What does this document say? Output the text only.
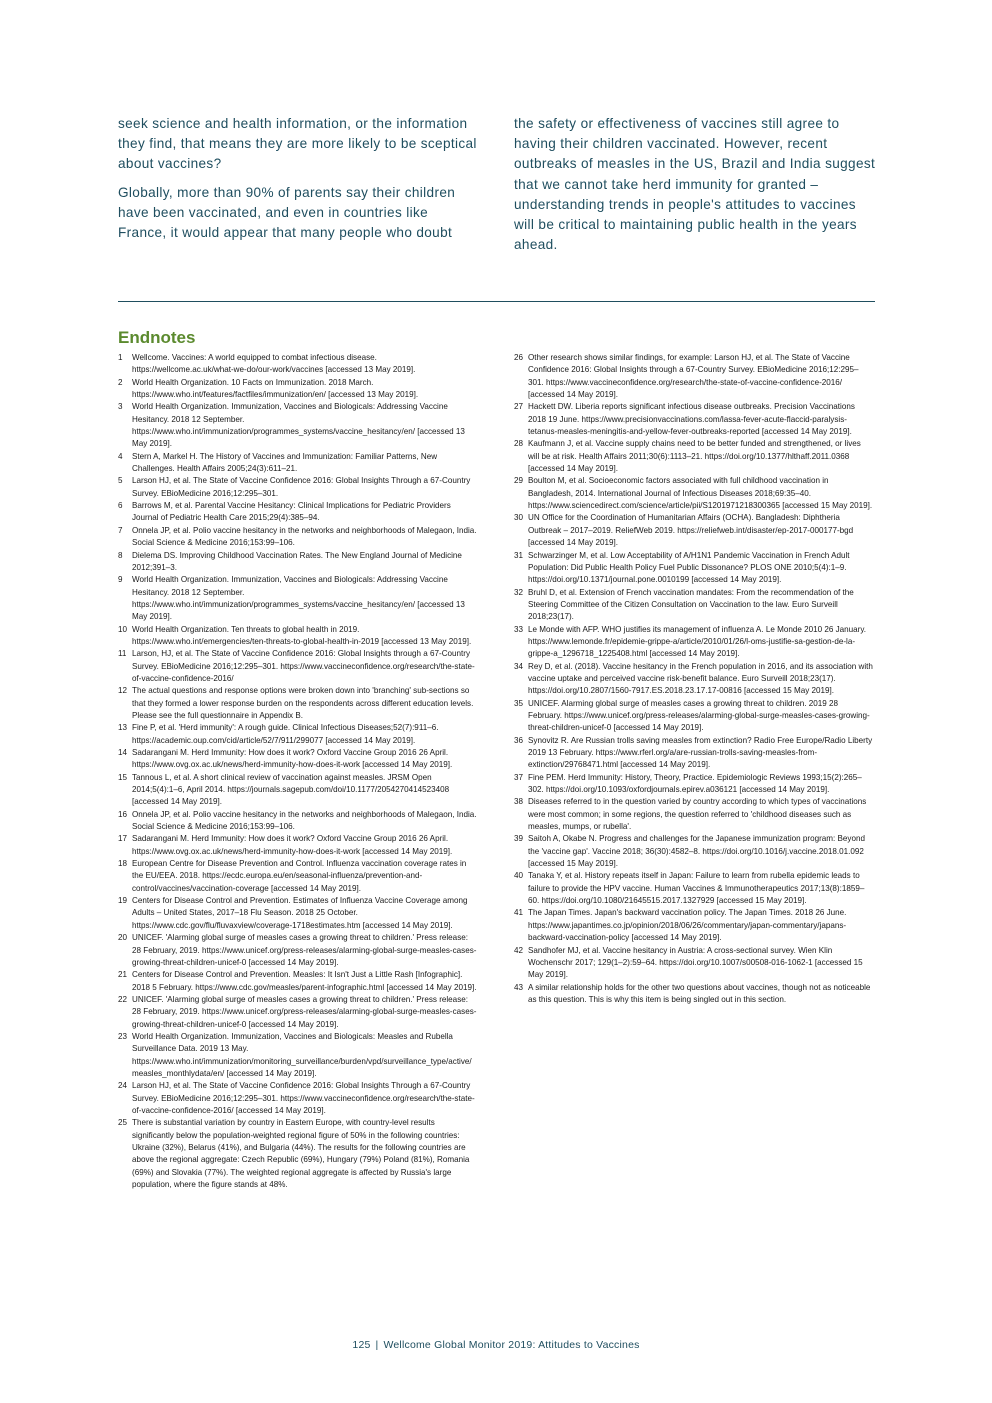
seek science and health information, or the information they find, that means they are more likely to be sceptical about vaccines?

Globally, more than 90% of parents say their children have been vaccinated, and even in countries like France, it would appear that many people who doubt

the safety or effectiveness of vaccines still agree to having their children vaccinated. However, recent outbreaks of measles in the US, Brazil and India suggest that we cannot take herd immunity for granted – understanding trends in people's attitudes to vaccines will be critical to maintaining public health in the years ahead.

Endnotes
1	Wellcome. Vaccines: A world equipped to combat infectious disease. https://wellcome.ac.uk/what-we-do/our-work/vaccines [accessed 13 May 2019].
2	World Health Organization. 10 Facts on Immunization. 2018 March. https://www.who.int/features/factfiles/immunization/en/ [accessed 13 May 2019].
3	World Health Organization. Immunization, Vaccines and Biologicals: Addressing Vaccine Hesitancy. 2018 12 September. https://www.who.int/immunization/programmes_systems/vaccine_hesitancy/en/ [accessed 13 May 2019].
4	Stern A, Markel H. The History of Vaccines and Immunization: Familiar Patterns, New Challenges. Health Affairs 2005;24(3):611–21.
5	Larson HJ, et al. The State of Vaccine Confidence 2016: Global Insights Through a 67-Country Survey. EBioMedicine 2016;12:295–301.
6	Barrows M, et al. Parental Vaccine Hesitancy: Clinical Implications for Pediatric Providers Journal of Pediatric Health Care 2015;29(4):385–94.
7	Onnela JP, et al. Polio vaccine hesitancy in the networks and neighborhoods of Malegaon, India. Social Science & Medicine 2016;153:99–106.
8	Dielema DS. Improving Childhood Vaccination Rates. The New England Journal of Medicine 2012;391–3.
9	World Health Organization. Immunization, Vaccines and Biologicals: Addressing Vaccine Hesitancy. 2018 12 September. https://www.who.int/immunization/programmes_systems/vaccine_hesitancy/en/ [accessed 13 May 2019].
10 World Health Organization. Ten threats to global health in 2019. https://www.who.int/emergencies/ten-threats-to-global-health-in-2019 [accessed 13 May 2019].
11 Larson, HJ, et al. The State of Vaccine Confidence 2016: Global Insights through a 67-Country Survey. EBioMedicine 2016;12:295–301. https://www.vaccineconfidence.org/research/the-state-of-vaccine-confidence-2016/
12 The actual questions and response options were broken down into 'branching' sub-sections so that they formed a lower response burden on the respondents across different education levels. Please see the full questionnaire in Appendix B.
13 Fine P, et al. 'Herd immunity': A rough guide. Clinical Infectious Diseases;52(7):911–6. https://academic.oup.com/cid/article/52/7/911/299077 [accessed 14 May 2019].
14 Sadarangani M. Herd Immunity: How does it work? Oxford Vaccine Group 2016 26 April. https://www.ovg.ox.ac.uk/news/herd-immunity-how-does-it-work [accessed 14 May 2019].
15 Tannous L, et al. A short clinical review of vaccination against measles. JRSM Open 2014;5(4):1–6, April 2014. https://journals.sagepub.com/doi/10.1177/2054270414523408 [accessed 14 May 2019].
16 Onnela JP, et al. Polio vaccine hesitancy in the networks and neighborhoods of Malegaon, India. Social Science & Medicine 2016;153:99–106.
17 Sadarangani M. Herd Immunity: How does it work? Oxford Vaccine Group 2016 26 April. https://www.ovg.ox.ac.uk/news/herd-immunity-how-does-it-work [accessed 14 May 2019].
18 European Centre for Disease Prevention and Control. Influenza vaccination coverage rates in the EU/EEA. 2018. https://ecdc.europa.eu/en/seasonal-influenza/prevention-and-control/vaccines/vaccination-coverage [accessed 14 May 2019].
19 Centers for Disease Control and Prevention. Estimates of Influenza Vaccine Coverage among Adults – United States, 2017–18 Flu Season. 2018 25 October. https://www.cdc.gov/flu/fluvaxview/coverage-1718estimates.htm [accessed 14 May 2019].
20 UNICEF. 'Alarming global surge of measles cases a growing threat to children.' Press release: 28 February, 2019. https://www.unicef.org/press-releases/alarming-global-surge-measles-cases-growing-threat-children-unicef-0 [accessed 14 May 2019].
21 Centers for Disease Control and Prevention. Measles: It Isn't Just a Little Rash [Infographic]. 2018 5 February. https://www.cdc.gov/measles/parent-infographic.html [accessed 14 May 2019].
22 UNICEF. 'Alarming global surge of measles cases a growing threat to children.' Press release: 28 February, 2019. https://www.unicef.org/press-releases/alarming-global-surge-measles-cases-growing-threat-children-unicef-0 [accessed 14 May 2019].
23 World Health Organization. Immunization, Vaccines and Biologicals: Measles and Rubella Surveillance Data. 2019 13 May. https://www.who.int/immunization/monitoring_surveillance/burden/vpd/surveillance_type/active/measles_monthlydata/en/ [accessed 14 May 2019].
24 Larson HJ, et al. The State of Vaccine Confidence 2016: Global Insights Through a 67-Country Survey. EBioMedicine 2016;12:295–301. https://www.vaccineconfidence.org/research/the-state-of-vaccine-confidence-2016/ [accessed 14 May 2019].
25 There is substantial variation by country in Eastern Europe, with country-level results significantly below the population-weighted regional figure of 50% in the following countries: Ukraine (32%), Belarus (41%), and Bulgaria (44%). The results for the following countries are above the regional aggregate: Czech Republic (69%), Hungary (79%) Poland (81%), Romania (69%) and Slovakia (77%). The weighted regional aggregate is affected by Russia's large population, where the figure stands at 48%.
26 Other research shows similar findings, for example: Larson HJ, et al. The State of Vaccine Confidence 2016: Global Insights through a 67-Country Survey. EBioMedicine 2016;12:295–301. https://www.vaccineconfidence.org/research/the-state-of-vaccine-confidence-2016/ [accessed 14 May 2019].
27 Hackett DW. Liberia reports significant infectious disease outbreaks. Precision Vaccinations 2018 19 June. https://www.precisionvaccinations.com/lassa-fever-acute-flaccid-paralysis-tetanus-measles-meningitis-and-yellow-fever-outbreaks-reported [accessed 14 May 2019].
28 Kaufmann J, et al. Vaccine supply chains need to be better funded and strengthened, or lives will be at risk. Health Affairs 2011;30(6):1113–21. https://doi.org/10.1377/hlthaff.2011.0368 [accessed 14 May 2019].
29 Boulton M, et al. Socioeconomic factors associated with full childhood vaccination in Bangladesh, 2014. International Journal of Infectious Diseases 2018;69:35–40. https://www.sciencedirect.com/science/article/pii/S1201971218300365 [accessed 15 May 2019].
30 UN Office for the Coordination of Humanitarian Affairs (OCHA). Bangladesh: Diphtheria Outbreak – 2017–2019. ReliefWeb 2019. https://reliefweb.int/disaster/ep-2017-000177-bgd [accessed 14 May 2019].
31 Schwarzinger M, et al. Low Acceptability of A/H1N1 Pandemic Vaccination in French Adult Population: Did Public Health Policy Fuel Public Dissonance? PLOS ONE 2010;5(4):1–9. https://doi.org/10.1371/journal.pone.0010199 [accessed 14 May 2019].
32 Bruhl D, et al. Extension of French vaccination mandates: From the recommendation of the Steering Committee of the Citizen Consultation on Vaccination to the law. Euro Surveill 2018;23(17).
33 Le Monde with AFP. WHO justifies its management of influenza A. Le Monde 2010 26 January. https://www.lemonde.fr/epidemie-grippe-a/article/2010/01/26/l-oms-justifie-sa-gestion-de-la-grippe-a_1296718_1225408.html [accessed 14 May 2019].
34 Rey D, et al. (2018). Vaccine hesitancy in the French population in 2016, and its association with vaccine uptake and perceived vaccine risk-benefit balance. Euro Surveill 2018;23(17). https://doi.org/10.2807/1560-7917.ES.2018.23.17.17-00816 [accessed 15 May 2019].
35 UNICEF. Alarming global surge of measles cases a growing threat to children. 2019 28 February. https://www.unicef.org/press-releases/alarming-global-surge-measles-cases-growing-threat-children-unicef-0 [accessed 14 May 2019].
36 Synovitz R. Are Russian trolls saving measles from extinction? Radio Free Europe/Radio Liberty 2019 13 February. https://www.rferl.org/a/are-russian-trolls-saving-measles-from-extinction/29768471.html [accessed 14 May 2019].
37 Fine PEM. Herd Immunity: History, Theory, Practice. Epidemiologic Reviews 1993;15(2):265–302. https://doi.org/10.1093/oxfordjournals.epirev.a036121 [accessed 14 May 2019].
38 Diseases referred to in the question varied by country according to which types of vaccinations were most common; in some regions, the question referred to 'childhood diseases such as measles, mumps, or rubella'.
39 Saitoh A, Okabe N. Progress and challenges for the Japanese immunization program: Beyond the 'vaccine gap'. Vaccine 2018; 36(30):4582–8. https://doi.org/10.1016/j.vaccine.2018.01.092 [accessed 15 May 2019].
40 Tanaka Y, et al. History repeats itself in Japan: Failure to learn from rubella epidemic leads to failure to provide the HPV vaccine. Human Vaccines & Immunotherapeutics 2017;13(8):1859–60. https://doi.org/10.1080/21645515.2017.1327929 [accessed 15 May 2019].
41 The Japan Times. Japan's backward vaccination policy. The Japan Times. 2018 26 June. https://www.japantimes.co.jp/opinion/2018/06/26/commentary/japan-commentary/japans-backward-vaccination-policy [accessed 14 May 2019].
42 Sandhofer MJ, et al. Vaccine hesitancy in Austria: A cross-sectional survey. Wien Klin Wochenschr 2017; 129(1–2):59–64. https://doi.org/10.1007/s00508-016-1062-1 [accessed 15 May 2019].
43 A similar relationship holds for the other two questions about vaccines, though not as noticeable as this question. This is why this item is being singled out in this section.
125 | Wellcome Global Monitor 2019: Attitudes to Vaccines
